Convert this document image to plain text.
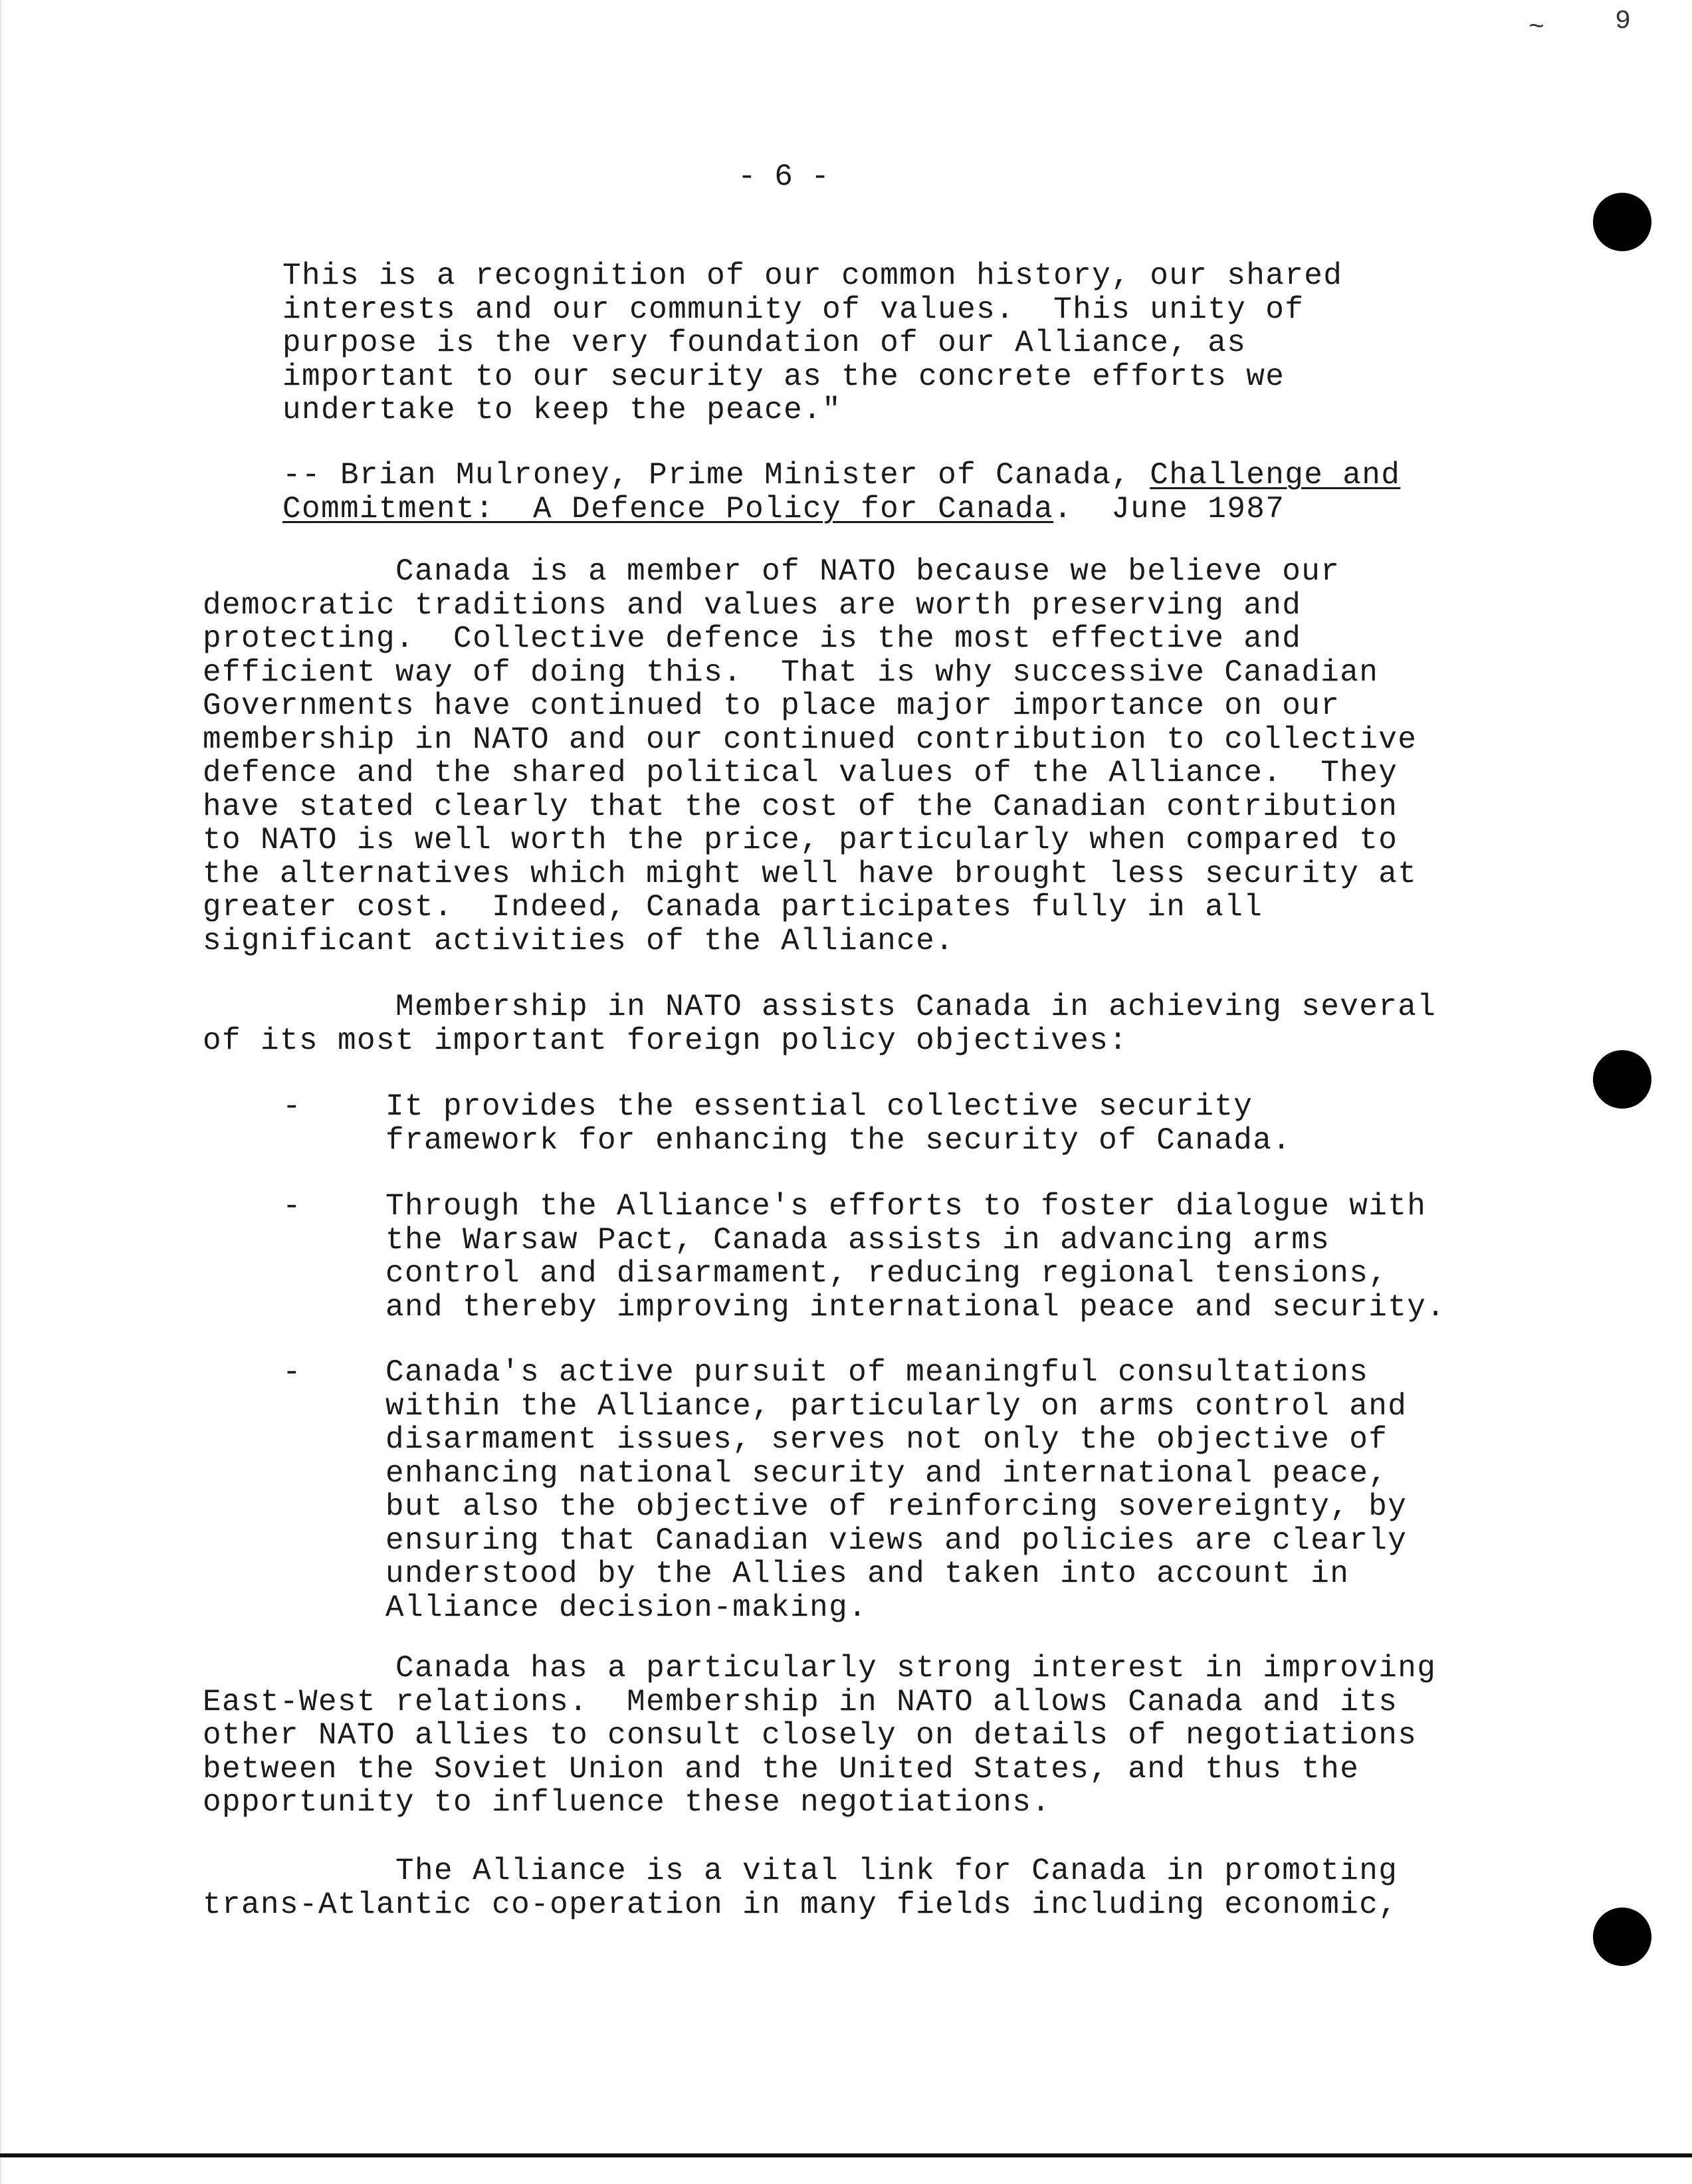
~	9
- 6 -
This is a recognition of our common history, our shared
interests and our community of values.  This unity of
purpose is the very foundation of our Alliance, as
important to our security as the concrete efforts we
undertake to keep the peace."
-- Brian Mulroney, Prime Minister of Canada, Challenge and
Commitment:  A Defence Policy for Canada.  June 1987
Canada is a member of NATO because we believe our
democratic traditions and values are worth preserving and
protecting.  Collective defence is the most effective and
efficient way of doing this.  That is why successive Canadian
Governments have continued to place major importance on our
membership in NATO and our continued contribution to collective
defence and the shared political values of the Alliance.  They
have stated clearly that the cost of the Canadian contribution
to NATO is well worth the price, particularly when compared to
the alternatives which might well have brought less security at
greater cost.  Indeed, Canada participates fully in all
significant activities of the Alliance.
Membership in NATO assists Canada in achieving several
of its most important foreign policy objectives:
-	It provides the essential collective security
framework for enhancing the security of Canada.
-	Through the Alliance's efforts to foster dialogue with
the Warsaw Pact, Canada assists in advancing arms
control and disarmament, reducing regional tensions,
and thereby improving international peace and security.
-	Canada's active pursuit of meaningful consultations
within the Alliance, particularly on arms control and
disarmament issues, serves not only the objective of
enhancing national security and international peace,
but also the objective of reinforcing sovereignty, by
ensuring that Canadian views and policies are clearly
understood by the Allies and taken into account in
Alliance decision-making.
Canada has a particularly strong interest in improving
East-West relations.  Membership in NATO allows Canada and its
other NATO allies to consult closely on details of negotiations
between the Soviet Union and the United States, and thus the
opportunity to influence these negotiations.
The Alliance is a vital link for Canada in promoting
trans-Atlantic co-operation in many fields including economic,
